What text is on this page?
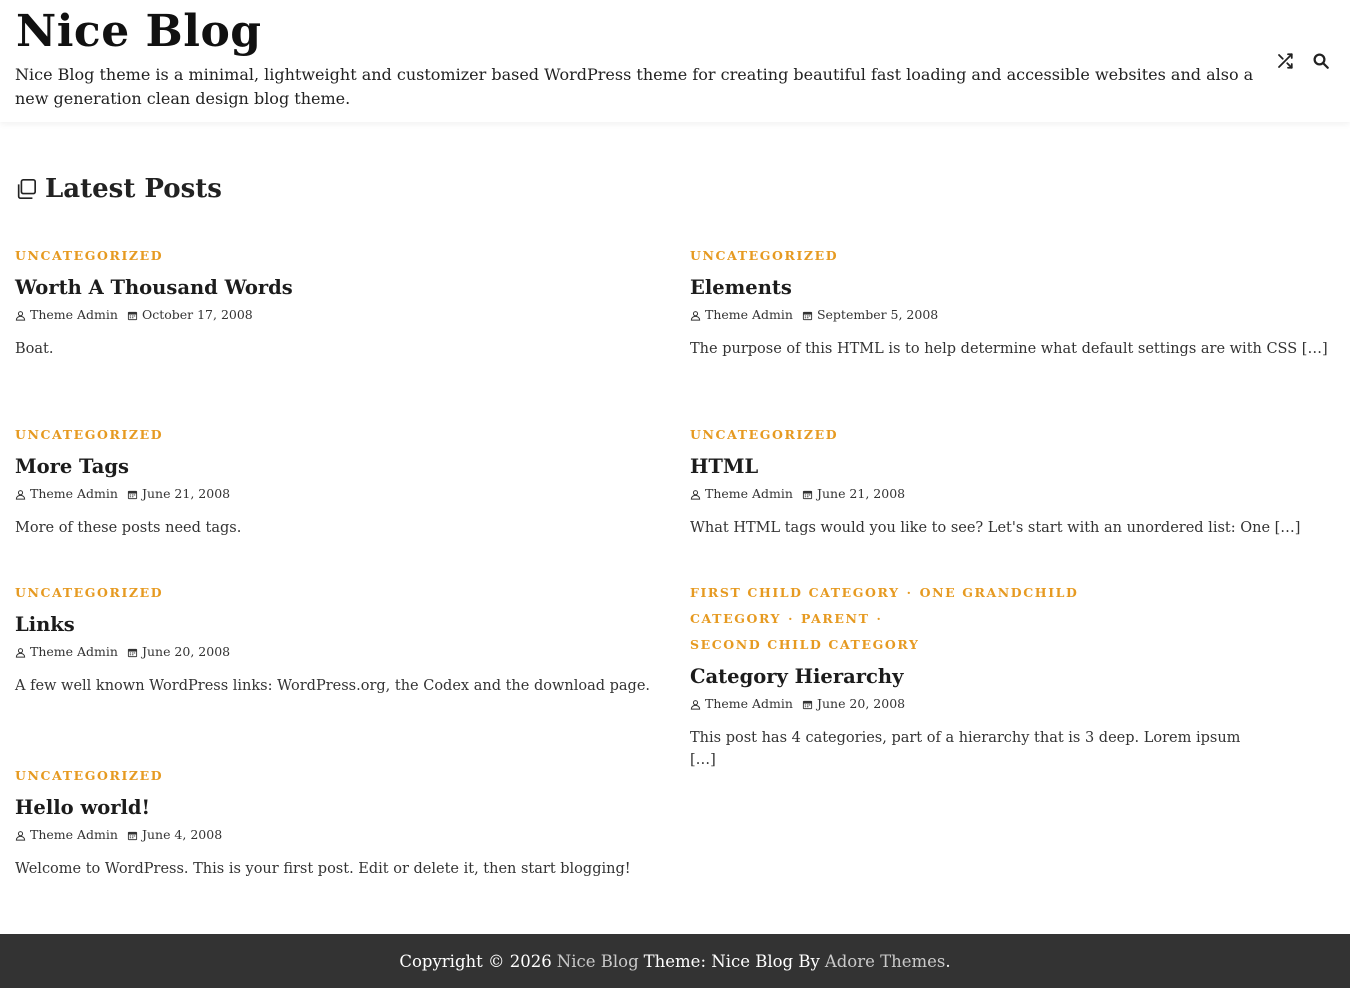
Nice Blog

Nice Blog theme is a minimal, lightweight and customizer based WordPress theme for creating beautiful fast loading and accessible websites and also a new generation clean design blog theme.

Latest Posts
UNCATEGORIZED
Worth A Thousand Words
Theme Admin October 17, 2008

Boat.

UNCATEGORIZED
Elements
Theme Admin September 5, 2008

The purpose of this HTML is to help determine what default settings are with CSS […]

UNCATEGORIZED
More Tags
Theme Admin June 21, 2008

More of these posts need tags.

UNCATEGORIZED
HTML
Theme Admin June 21, 2008

What HTML tags would you like to see? Let's start with an unordered list: One […]

UNCATEGORIZED
Links
Theme Admin June 20, 2008

A few well known WordPress links: WordPress.org, the Codex and the download page.

FIRST CHILD CATEGORY · ONE GRANDCHILD CATEGORY · PARENT ·
SECOND CHILD CATEGORY
Category Hierarchy
Theme Admin June 20, 2008

This post has 4 categories, part of a hierarchy that is 3 deep. Lorem ipsum […]

UNCATEGORIZED
Hello world!
Theme Admin June 4, 2008

Welcome to WordPress. This is your first post. Edit or delete it, then start blogging!

Copyright © 2026 Nice Blog Theme: Nice Blog By Adore Themes.
